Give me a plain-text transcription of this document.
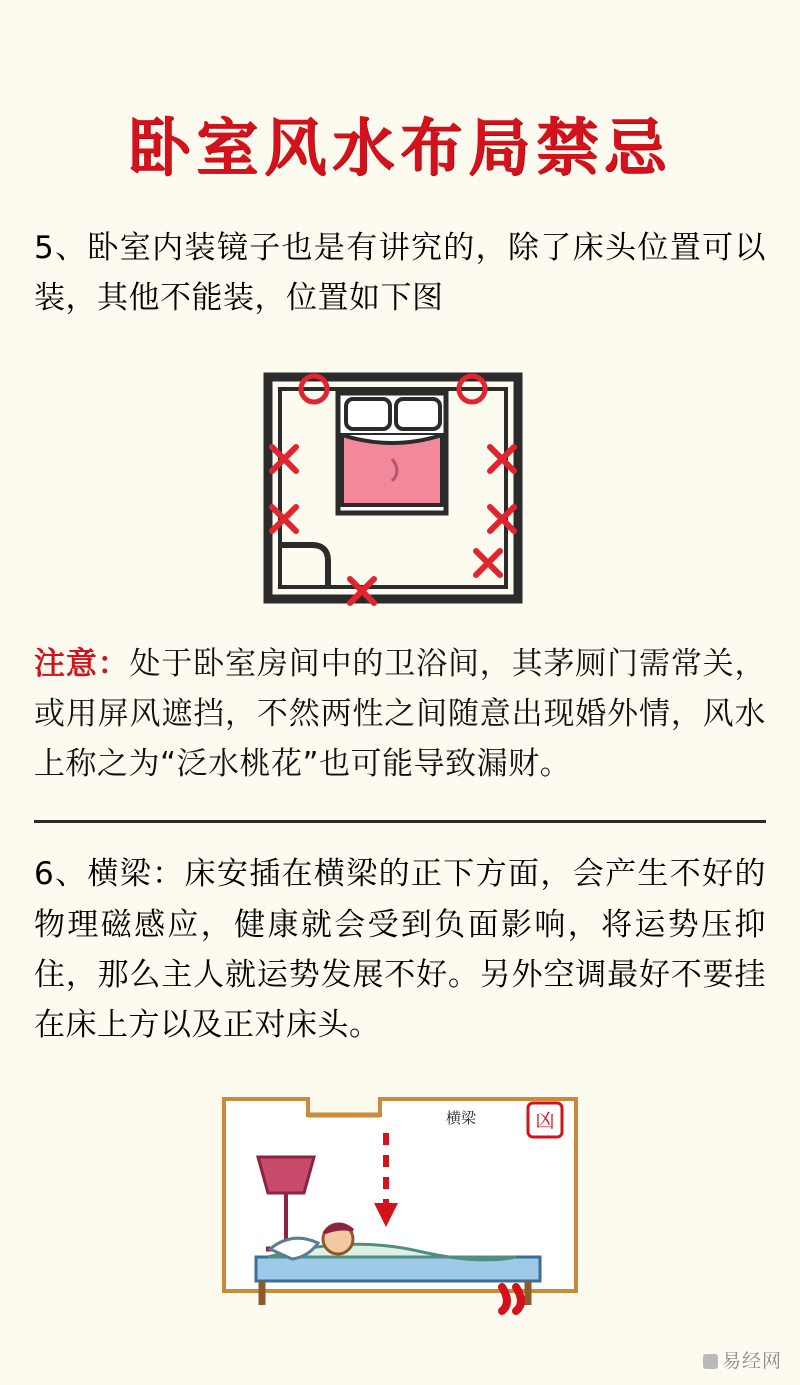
卧室风水布局禁忌

5、卧室内装镜子也是有讲究的，除了床头位置可以装，其他不能装，位置如下图

注意：处于卧室房间中的卫浴间，其茅厕门需常关，或用屏风遮挡，不然两性之间随意出现婚外情，风水上称之为“泛水桃花”也可能导致漏财。

6、横梁：床安插在横梁的正下方面，会产生不好的物理磁感应，健康就会受到负面影响，将运势压抑住，那么主人就运势发展不好。另外空调最好不要挂在床上方以及正对床头。

横梁	凶
易经网
